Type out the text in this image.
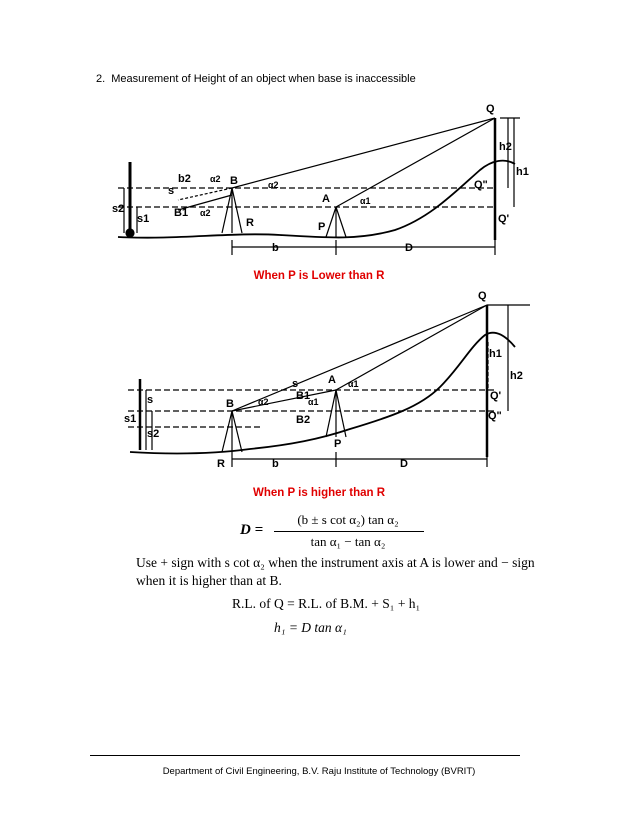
2. Measurement of Height of an object when base is inaccessible
Q
h2
h1
Q"
Q'
b2
s
s2
s1 B1
B
α2
α2
α2
A	α1
P
R
b	D
When P is Lower than R
Q
h1
h2
Q'
Q"
A α1
B	α2 B1
α1
B2
s
s
s1
s2
R
P
b	D
When P is higher than R
D =
(b ± s cot α₂) tan α₂
tan α₁ − tan α₂
Use + sign with s cot α₂ when the instrument axis at A is lower and − sign when it is higher than at B.
R.L. of Q = R.L. of B.M. + S₁ + h₁
h₁ = D tan α₁
Department of Civil Engineering, B.V. Raju Institute of Technology (BVRIT)
